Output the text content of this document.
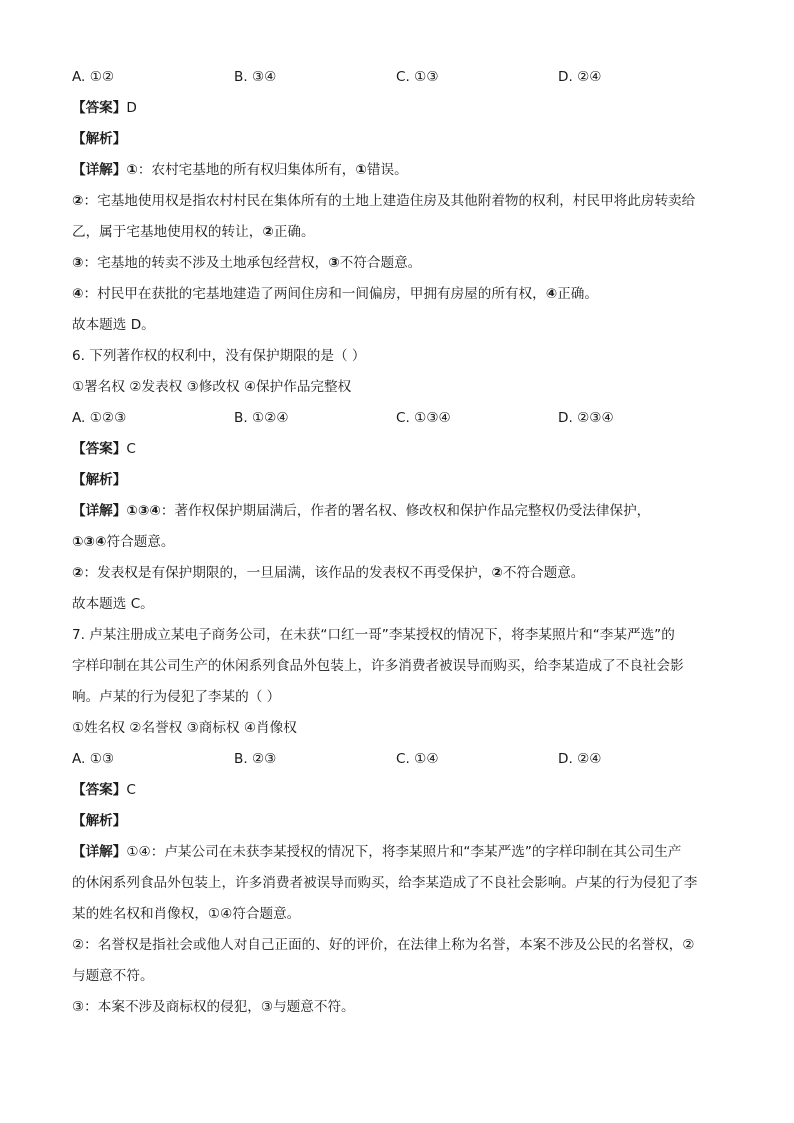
A. ①②	B. ③④	C. ①③	D. ②④
【答案】D
【解析】
【详解】①：农村宅基地的所有权归集体所有，①错误。
②：宅基地使用权是指农村村民在集体所有的土地上建造住房及其他附着物的权利，村民甲将此房转卖给
乙，属于宅基地使用权的转让，②正确。
③：宅基地的转卖不涉及土地承包经营权，③不符合题意。
④：村民甲在获批的宅基地建造了两间住房和一间偏房，甲拥有房屋的所有权，④正确。
故本题选 D。
6. 下列著作权的权利中，没有保护期限的是（ ）
①署名权 ②发表权 ③修改权 ④保护作品完整权
A. ①②③	B. ①②④	C. ①③④	D. ②③④
【答案】C
【解析】
【详解】①③④：著作权保护期届满后，作者的署名权、修改权和保护作品完整权仍受法律保护，
①③④符合题意。
②：发表权是有保护期限的，一旦届满，该作品的发表权不再受保护，②不符合题意。
故本题选 C。
7. 卢某注册成立某电子商务公司，在未获“口红一哥”李某授权的情况下，将李某照片和“李某严选”的
字样印制在其公司生产的休闲系列食品外包装上，许多消费者被误导而购买，给李某造成了不良社会影
响。卢某的行为侵犯了李某的（ ）
①姓名权 ②名誉权 ③商标权 ④肖像权
A. ①③	B. ②③	C. ①④	D. ②④
【答案】C
【解析】
【详解】①④：卢某公司在未获李某授权的情况下，将李某照片和“李某严选”的字样印制在其公司生产
的休闲系列食品外包装上，许多消费者被误导而购买，给李某造成了不良社会影响。卢某的行为侵犯了李
某的姓名权和肖像权，①④符合题意。
②：名誉权是指社会或他人对自己正面的、好的评价，在法律上称为名誉，本案不涉及公民的名誉权，②
与题意不符。
③：本案不涉及商标权的侵犯，③与题意不符。
